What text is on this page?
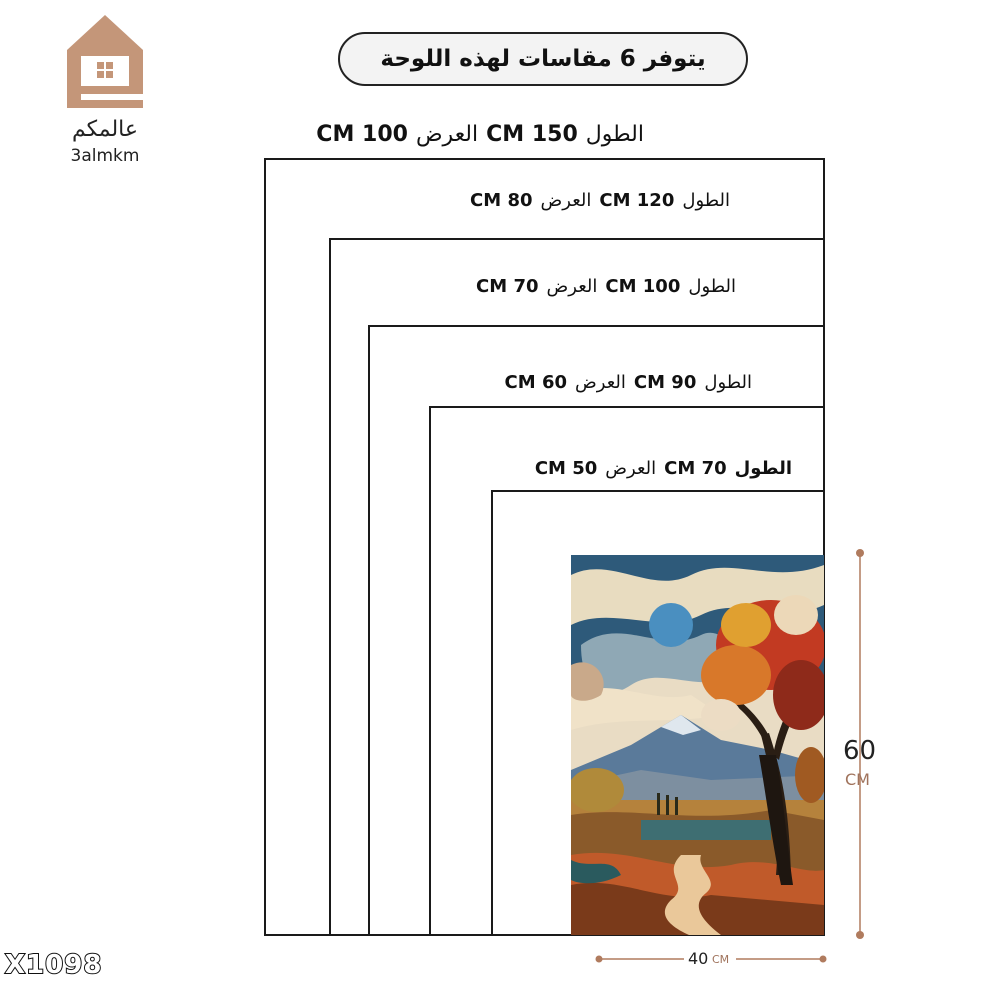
عالمكم
3almkm
يتوفر 6 مقاسات لهذه اللوحة
الطول150 CMالعرض100 CM
الطول120 CMالعرض80 CM
الطول100 CMالعرض70 CM
الطول90 CMالعرض60 CM
الطول70 CMالعرض50 CM
60
CM
40 CM
X1098
